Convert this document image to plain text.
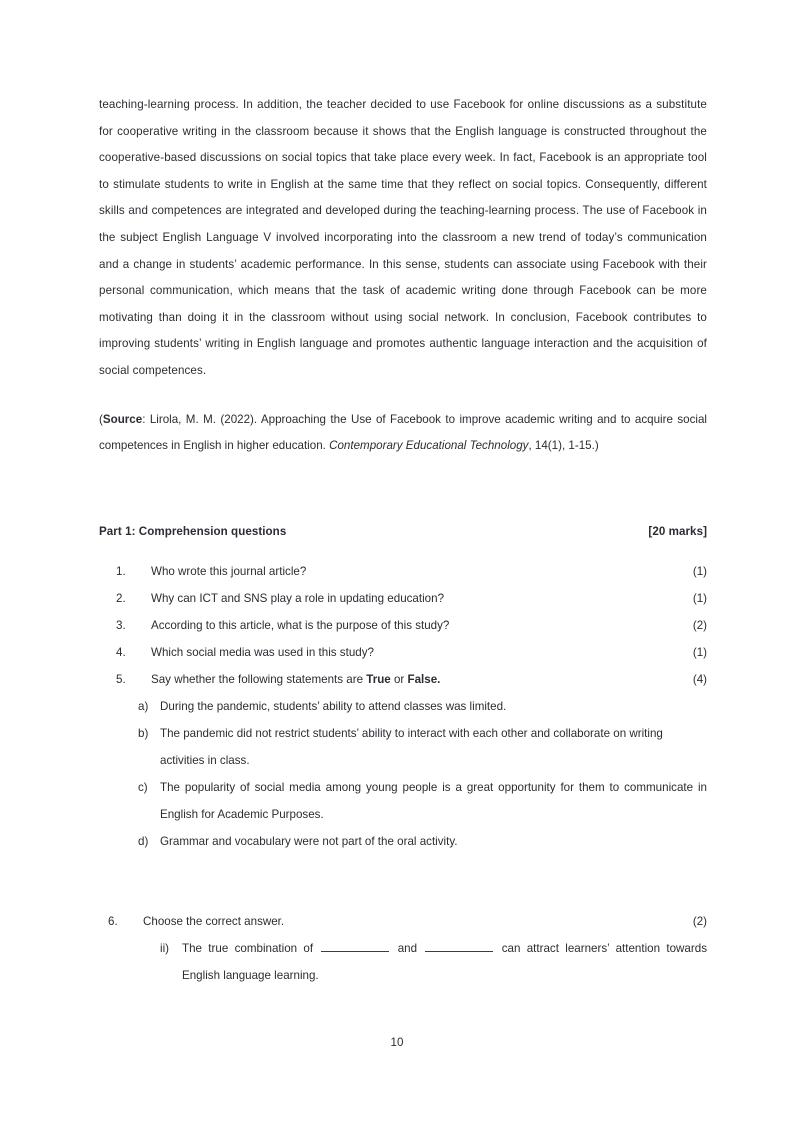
teaching-learning process. In addition, the teacher decided to use Facebook for online discussions as a substitute for cooperative writing in the classroom because it shows that the English language is constructed throughout the cooperative-based discussions on social topics that take place every week. In fact, Facebook is an appropriate tool to stimulate students to write in English at the same time that they reflect on social topics. Consequently, different skills and competences are integrated and developed during the teaching-learning process. The use of Facebook in the subject English Language V involved incorporating into the classroom a new trend of today’s communication and a change in students’ academic performance. In this sense, students can associate using Facebook with their personal communication, which means that the task of academic writing done through Facebook can be more motivating than doing it in the classroom without using social network. In conclusion, Facebook contributes to improving students’ writing in English language and promotes authentic language interaction and the acquisition of social competences.

(Source: Lirola, M. M. (2022). Approaching the Use of Facebook to improve academic writing and to acquire social competences in English in higher education. Contemporary Educational Technology, 14(1), 1-15.)

Part 1: Comprehension questions	[20 marks]
1.	Who wrote this journal article?	(1)
2.	Why can ICT and SNS play a role in updating education?	(1)
3.	According to this article, what is the purpose of this study?	(2)
4.	Which social media was used in this study?	(1)
5.	Say whether the following statements are True or False.	(4)
a)	During the pandemic, students’ ability to attend classes was limited.
b)	The pandemic did not restrict students’ ability to interact with each other and collaborate on writing activities in class.
c)	The popularity of social media among young people is a great opportunity for them to communicate in English for Academic Purposes.
d)	Grammar and vocabulary were not part of the oral activity.
6.	Choose the correct answer.	(2)
ii)	The true combination of	and	can attract learners’ attention towards English language learning.
10
